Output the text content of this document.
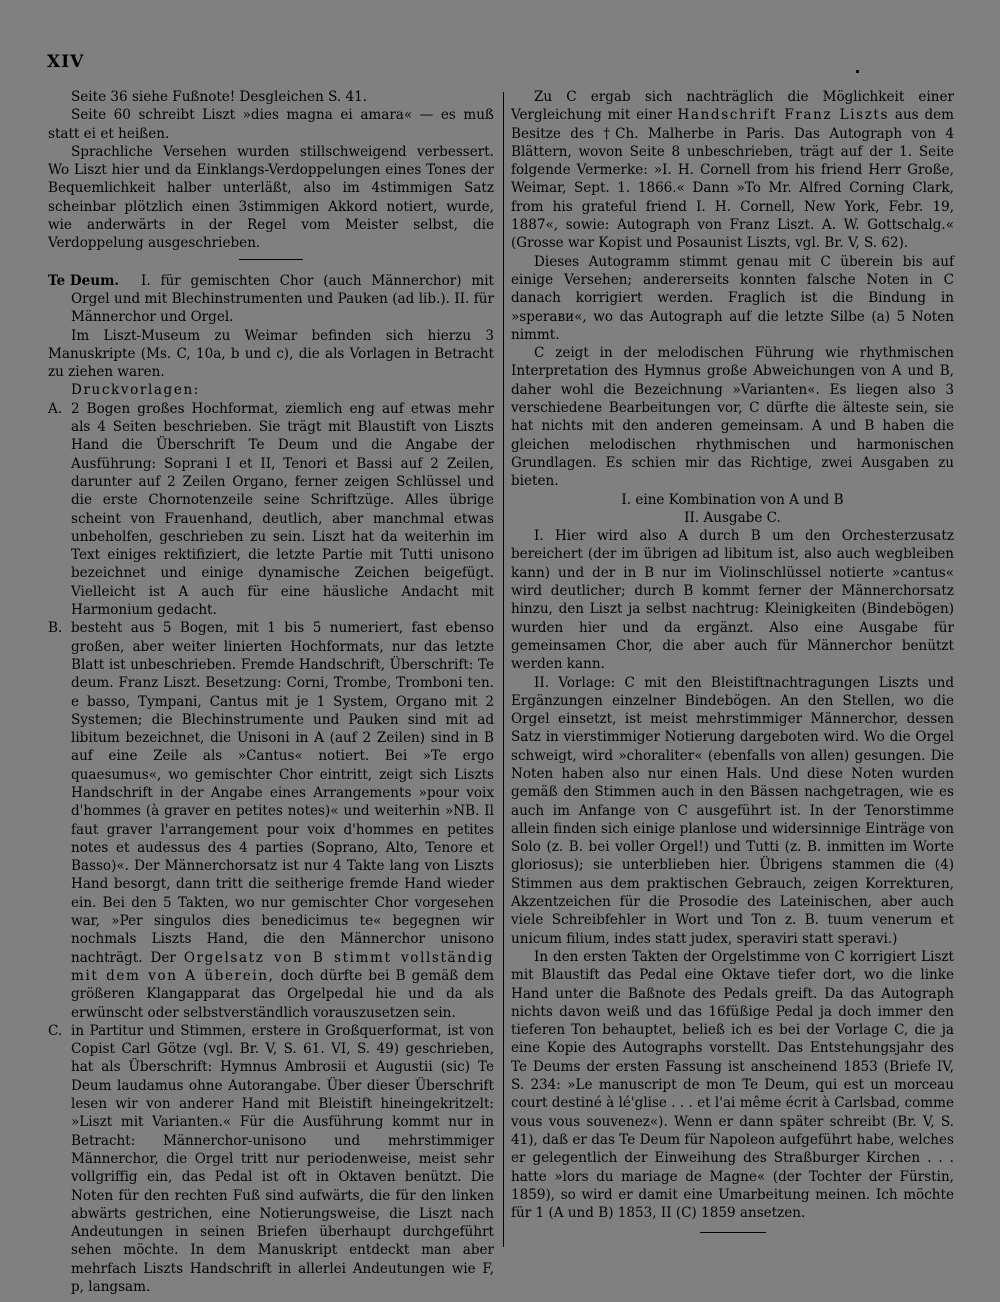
XIV

Seite 36 siehe Fußnote! Desgleichen S. 41.

Seite 60 schreibt Liszt »dies magna ei amara« — es muß statt ei et heißen.

Sprachliche Versehen wurden stillschweigend verbessert. Wo Liszt hier und da Einklangs-Verdoppelungen eines Tones der Bequemlichkeit halber unterläßt, also im 4stimmigen Satz scheinbar plötzlich einen 3stimmigen Akkord notiert, wurde, wie anderwärts in der Regel vom Meister selbst, die Verdoppelung ausgeschrieben.

Te Deum. I. für gemischten Chor (auch Männerchor) mit Orgel und mit Blechinstrumenten und Pauken (ad lib.). II. für Männerchor und Orgel.

Im Liszt-Museum zu Weimar befinden sich hierzu 3 Manuskripte (Ms. C, 10a, b und c), die als Vorlagen in Betracht zu ziehen waren.

Druckvorlagen:

A. 2 Bogen großes Hochformat, ziemlich eng auf etwas mehr als 4 Seiten beschrieben. Sie trägt mit Blaustift von Liszts Hand die Überschrift Te Deum und die Angabe der Ausführung: Soprani I et II, Tenori et Bassi auf 2 Zeilen, darunter auf 2 Zeilen Organo, ferner zeigen Schlüssel und die erste Chornotenzeile seine Schriftzüge. Alles übrige scheint von Frauenhand, deutlich, aber manchmal etwas unbeholfen, geschrieben zu sein. Liszt hat da weiterhin im Text einiges rektifiziert, die letzte Partie mit Tutti unisono bezeichnet und einige dynamische Zeichen beigefügt. Vielleicht ist A auch für eine häusliche Andacht mit Harmonium gedacht.

B. besteht aus 5 Bogen, mit 1 bis 5 numeriert, fast ebenso großen, aber weiter linierten Hochformats, nur das letzte Blatt ist unbeschrieben. Fremde Handschrift, Überschrift: Te deum. Franz Liszt. Besetzung: Corni, Trombe, Tromboni ten. e basso, Tympani, Cantus mit je 1 System, Organo mit 2 Systemen; die Blechinstrumente und Pauken sind mit ad libitum bezeichnet, die Unisoni in A (auf 2 Zeilen) sind in B auf eine Zeile als »Cantus« notiert. Bei »Te ergo quaesumus«, wo gemischter Chor eintritt, zeigt sich Liszts Handschrift in der Angabe eines Arrangements »pour voix d'hommes (à graver en petites notes)« und weiterhin »NB. Il faut graver l'arrangement pour voix d'hommes en petites notes et audessus des 4 parties (Soprano, Alto, Tenore et Basso)«. Der Männerchorsatz ist nur 4 Takte lang von Liszts Hand besorgt, dann tritt die seitherige fremde Hand wieder ein. Bei den 5 Takten, wo nur gemischter Chor vorgesehen war, »Per singulos dies benedicimus te« begegnen wir nochmals Liszts Hand, die den Männerchor unisono nachträgt. Der Orgelsatz von B stimmt vollständig mit dem von A überein, doch dürfte bei B gemäß dem größeren Klangapparat das Orgelpedal hie und da als erwünscht oder selbstverständlich vorauszusetzen sein.

C. in Partitur und Stimmen, erstere in Großquerformat, ist von Copist Carl Götze (vgl. Br. V, S. 61. VI, S. 49) geschrieben, hat als Überschrift: Hymnus Ambrosii et Augustii (sic) Te Deum laudamus ohne Autorangabe. Über dieser Überschrift lesen wir von anderer Hand mit Bleistift hineingekritzelt: »Liszt mit Varianten.« Für die Ausführung kommt nur in Betracht: Männerchor-unisono und mehrstimmiger Männerchor, die Orgel tritt nur periodenweise, meist sehr vollgriffig ein, das Pedal ist oft in Oktaven benützt. Die Noten für den rechten Fuß sind aufwärts, die für den linken abwärts gestrichen, eine Notierungsweise, die Liszt nach Andeutungen in seinen Briefen überhaupt durchgeführt sehen möchte. In dem Manuskript entdeckt man aber mehrfach Liszts Handschrift in allerlei Andeutungen wie F, p, langsam.

Zu C ergab sich nachträglich die Möglichkeit einer Vergleichung mit einer Handschrift Franz Liszts aus dem Besitze des †Ch. Malherbe in Paris. Das Autograph von 4 Blättern, wovon Seite 8 unbeschrieben, trägt auf der 1. Seite folgende Vermerke: »I. H. Cornell from his friend Herr Große, Weimar, Sept. 1. 1866.« Dann »To Mr. Alfred Corning Clark, from his grateful friend I. H. Cornell, New York, Febr. 19, 1887«, sowie: Autograph von Franz Liszt. A. W. Gottschalg.« (Grosse war Kopist und Posaunist Liszts, vgl. Br. V, S. 62).

Dieses Autogramm stimmt genau mit C überein bis auf einige Versehen; andererseits konnten falsche Noten in C danach korrigiert werden. Fraglich ist die Bindung in »sperави«, wo das Autograph auf die letzte Silbe (a) 5 Noten nimmt.

C zeigt in der melodischen Führung wie rhythmischen Interpretation des Hymnus große Abweichungen von A und B, daher wohl die Bezeichnung »Varianten«. Es liegen also 3 verschiedene Bearbeitungen vor, C dürfte die älteste sein, sie hat nichts mit den anderen gemeinsam. A und B haben die gleichen melodischen rhythmischen und harmonischen Grundlagen. Es schien mir das Richtige, zwei Ausgaben zu bieten.

I. eine Kombination von A und B

II. Ausgabe C.

I. Hier wird also A durch B um den Orchesterzusatz bereichert (der im übrigen ad libitum ist, also auch wegbleiben kann) und der in B nur im Violinschlüssel notierte »cantus« wird deutlicher; durch B kommt ferner der Männerchorsatz hinzu, den Liszt ja selbst nachtrug: Kleinigkeiten (Bindebögen) wurden hier und da ergänzt. Also eine Ausgabe für gemeinsamen Chor, die aber auch für Männerchor benützt werden kann.

II. Vorlage: C mit den Bleistiftnachtragungen Liszts und Ergänzungen einzelner Bindebögen. An den Stellen, wo die Orgel einsetzt, ist meist mehrstimmiger Männerchor, dessen Satz in vierstimmiger Notierung dargeboten wird. Wo die Orgel schweigt, wird »choraliter« (ebenfalls von allen) gesungen. Die Noten haben also nur einen Hals. Und diese Noten wurden gemäß den Stimmen auch in den Bässen nachgetragen, wie es auch im Anfange von C ausgeführt ist. In der Tenorstimme allein finden sich einige planlose und widersinnige Einträge von Solo (z. B. bei voller Orgel!) und Tutti (z. B. inmitten im Worte gloriosus); sie unterblieben hier. Übrigens stammen die (4) Stimmen aus dem praktischen Gebrauch, zeigen Korrekturen, Akzentzeichen für die Prosodie des Lateinischen, aber auch viele Schreibfehler in Wort und Ton z. B. tuum venerum et unicum filium, indes statt judex, speraviri statt speravi.)

In den ersten Takten der Orgelstimme von C korrigiert Liszt mit Blaustift das Pedal eine Oktave tiefer dort, wo die linke Hand unter die Baßnote des Pedals greift. Da das Autograph nichts davon weiß und das 16füßige Pedal ja doch immer den tieferen Ton behauptet, beließ ich es bei der Vorlage C, die ja eine Kopie des Autographs vorstellt. Das Entstehungsjahr des Te Deums der ersten Fassung ist anscheinend 1853 (Briefe IV, S. 234: »Le manuscript de mon Te Deum, qui est un morceau court destiné à lé'glise . . . et l'ai même écrit à Carlsbad, comme vous vous souvenez«). Wenn er dann später schreibt (Br. V, S. 41), daß er das Te Deum für Napoleon aufgeführt habe, welches er gelegentlich der Einweihung des Straßburger Kirchen . . . hatte »lors du mariage de Magne« (der Tochter der Fürstin, 1859), so wird er damit eine Umarbeitung meinen. Ich möchte für 1 (A und B) 1853, II (C) 1859 ansetzen.
